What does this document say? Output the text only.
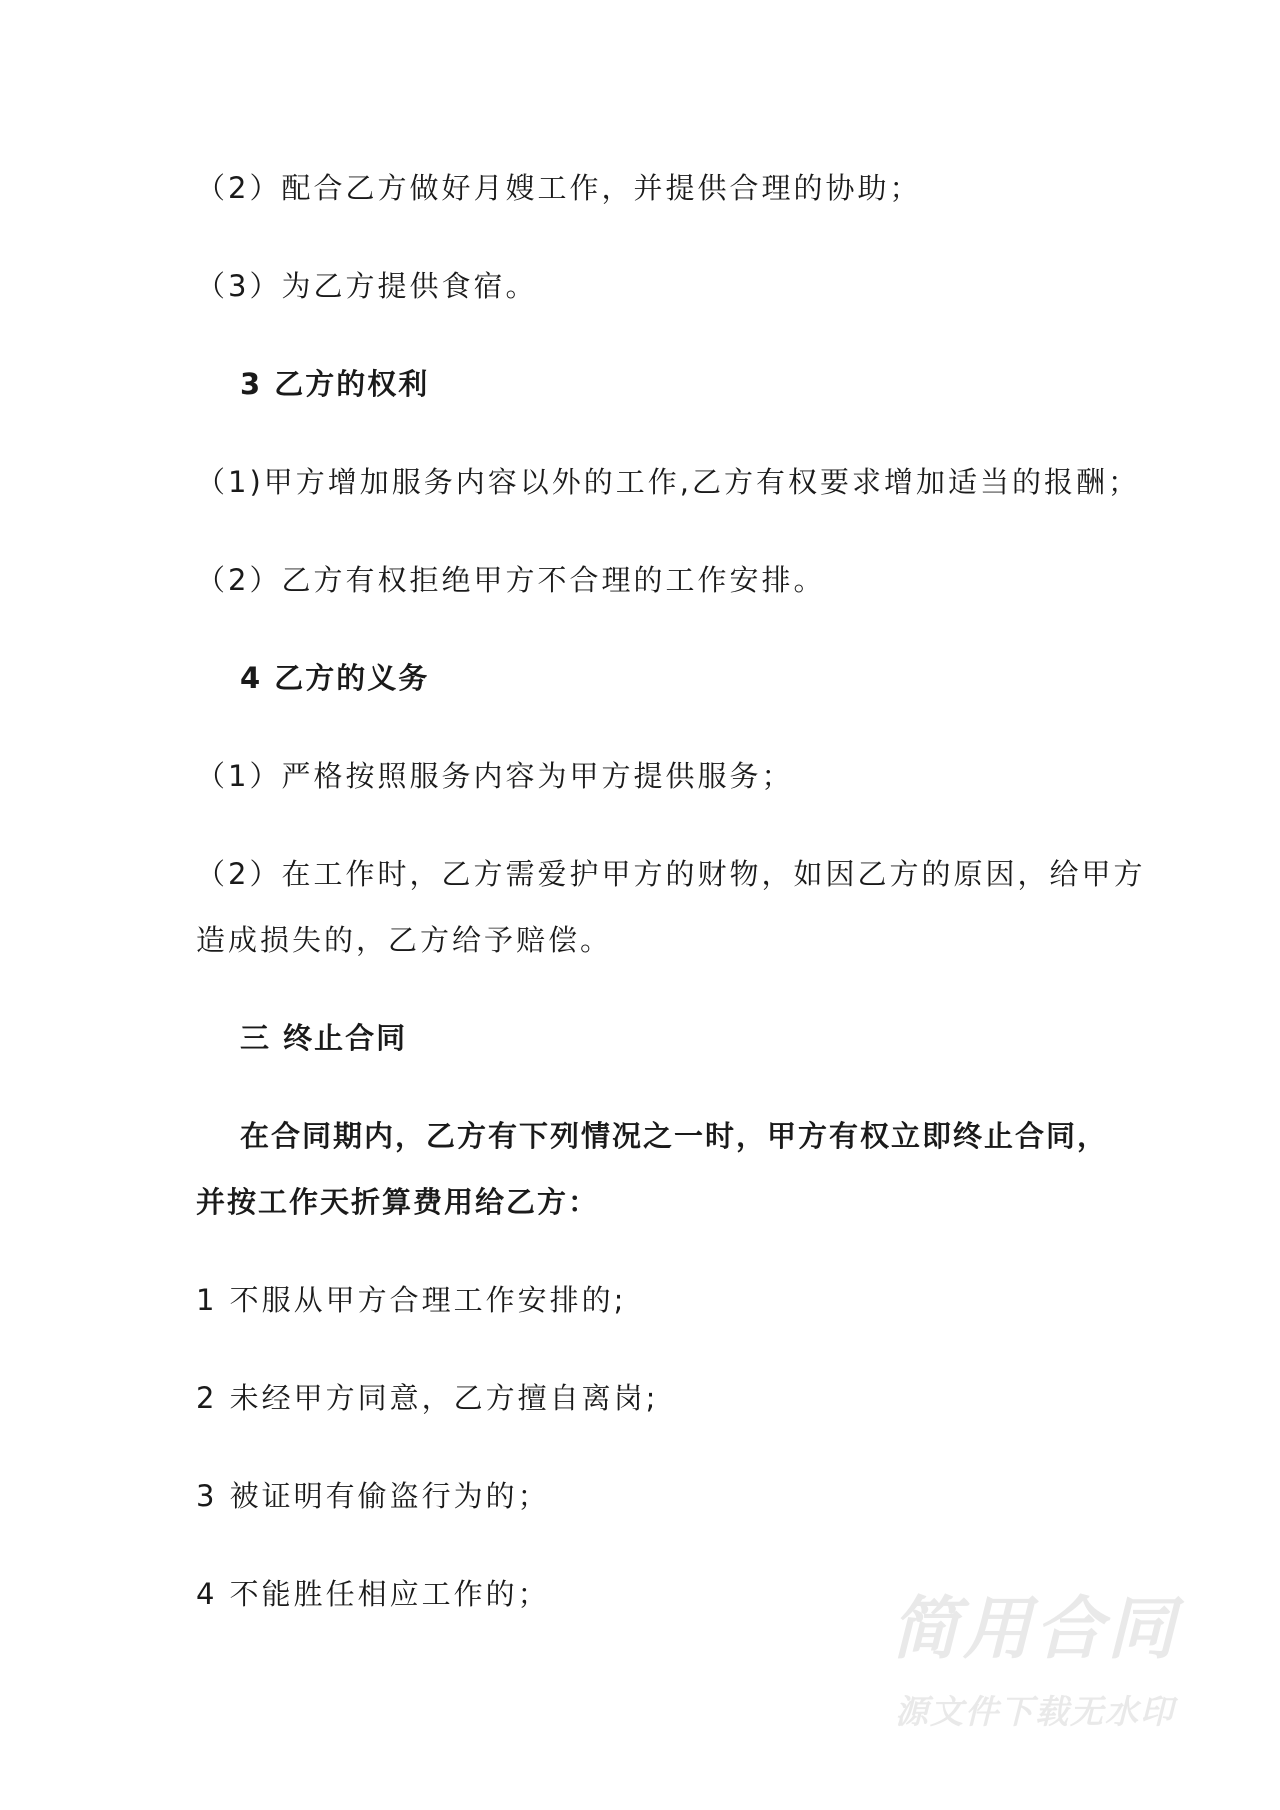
（2）配合乙方做好月嫂工作，并提供合理的协助；
（3）为乙方提供食宿。
3 乙方的权利
（1)甲方增加服务内容以外的工作,乙方有权要求增加适当的报酬；
（2）乙方有权拒绝甲方不合理的工作安排。
4 乙方的义务
（1）严格按照服务内容为甲方提供服务；
（2）在工作时，乙方需爱护甲方的财物，如因乙方的原因，给甲方
造成损失的，乙方给予赔偿。
三 终止合同
在合同期内，乙方有下列情况之一时，甲方有权立即终止合同，
并按工作天折算费用给乙方：
1 不服从甲方合理工作安排的;
2 未经甲方同意，乙方擅自离岗;
3 被证明有偷盗行为的；
4 不能胜任相应工作的；	简用合同
源文件下载无水印
